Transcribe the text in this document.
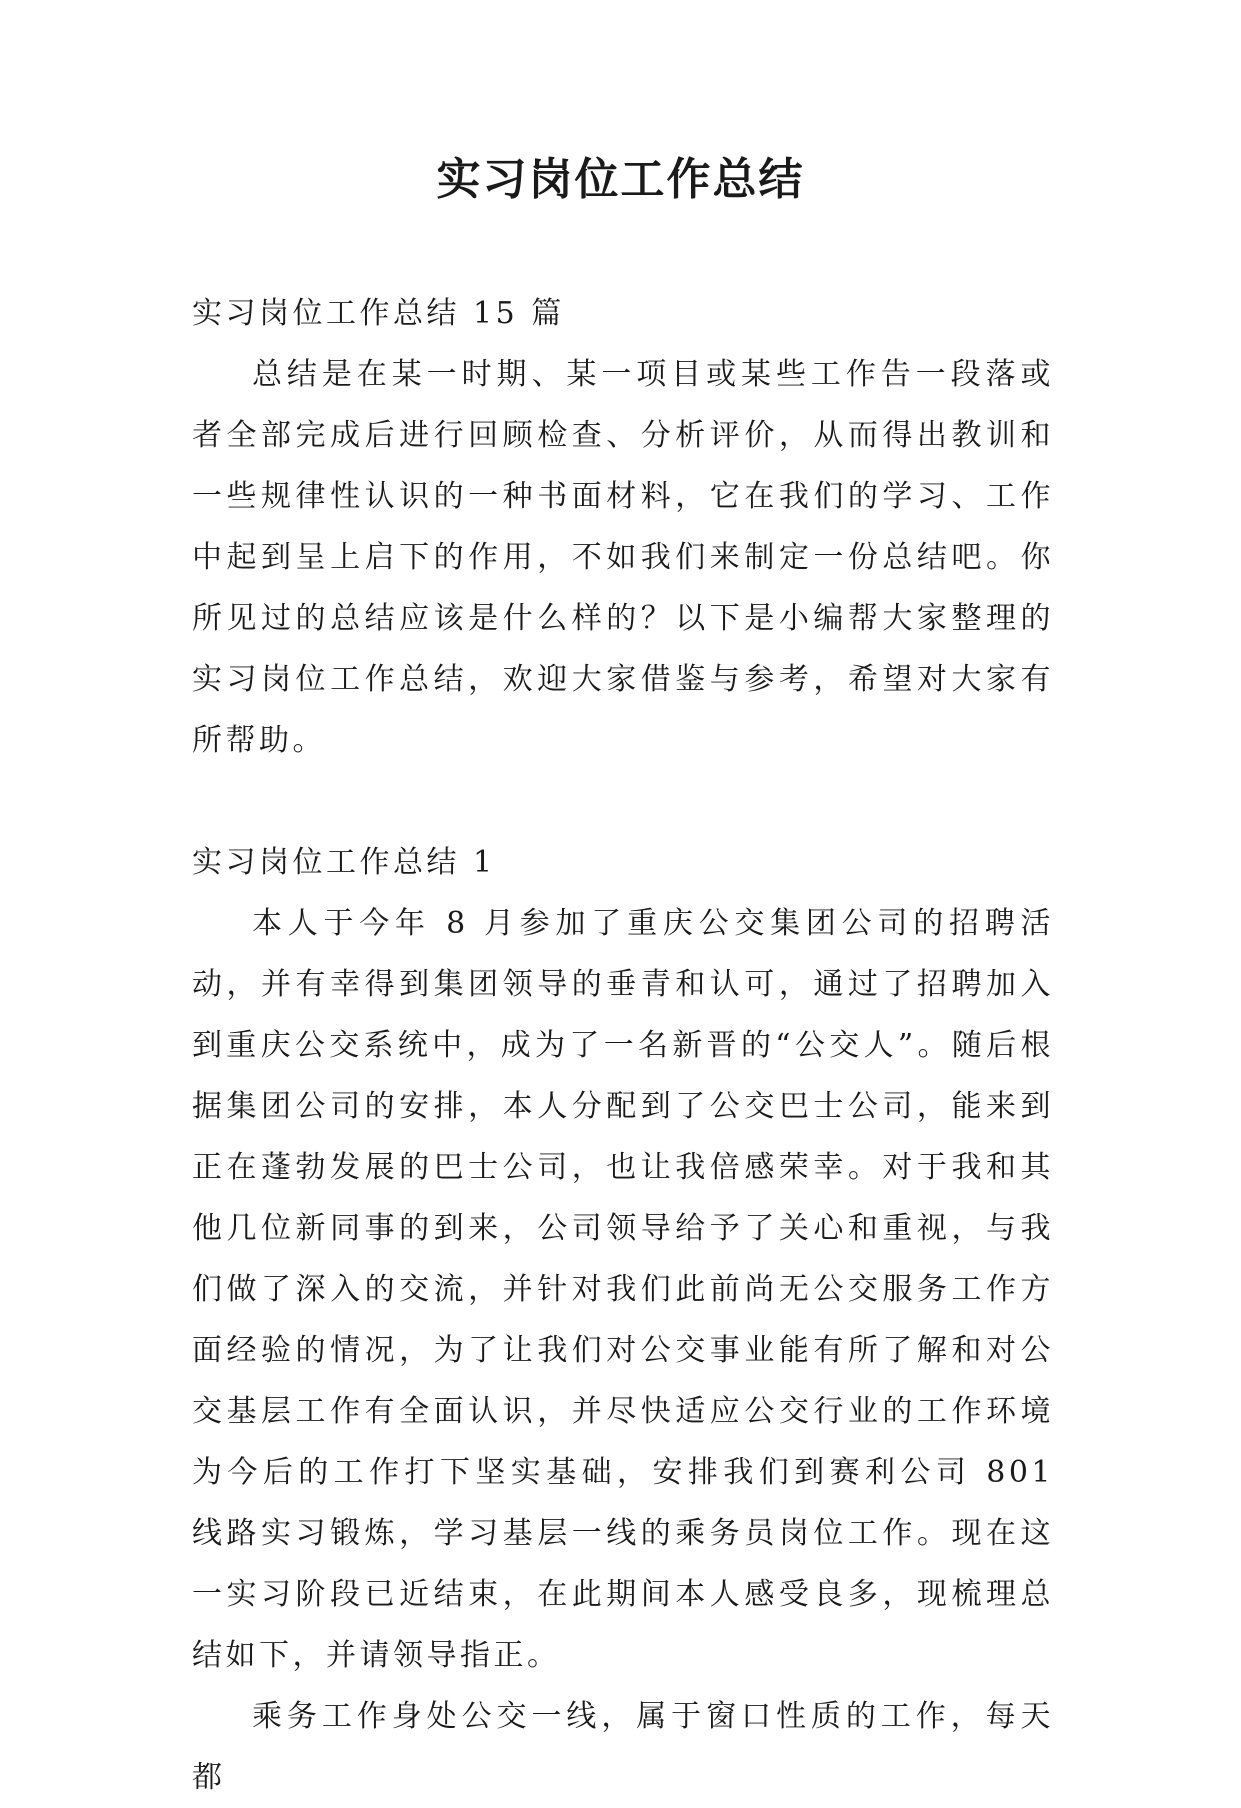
实习岗位工作总结
实习岗位工作总结 15 篇

总结是在某一时期、某一项目或某些工作告一段落或者全部完成后进行回顾检查、分析评价，从而得出教训和一些规律性认识的一种书面材料，它在我们的学习、工作中起到呈上启下的作用，不如我们来制定一份总结吧。你所见过的总结应该是什么样的？以下是小编帮大家整理的实习岗位工作总结，欢迎大家借鉴与参考，希望对大家有所帮助。

实习岗位工作总结 1

本人于今年 8 月参加了重庆公交集团公司的招聘活动，并有幸得到集团领导的垂青和认可，通过了招聘加入到重庆公交系统中，成为了一名新晋的“公交人”。随后根据集团公司的安排，本人分配到了公交巴士公司，能来到正在蓬勃发展的巴士公司，也让我倍感荣幸。对于我和其他几位新同事的到来，公司领导给予了关心和重视，与我们做了深入的交流，并针对我们此前尚无公交服务工作方面经验的情况，为了让我们对公交事业能有所了解和对公交基层工作有全面认识，并尽快适应公交行业的工作环境为今后的工作打下坚实基础，安排我们到赛利公司 801 线路实习锻炼，学习基层一线的乘务员岗位工作。现在这一实习阶段已近结束，在此期间本人感受良多，现梳理总结如下，并请领导指正。

乘务工作身处公交一线，属于窗口性质的工作，每天都
